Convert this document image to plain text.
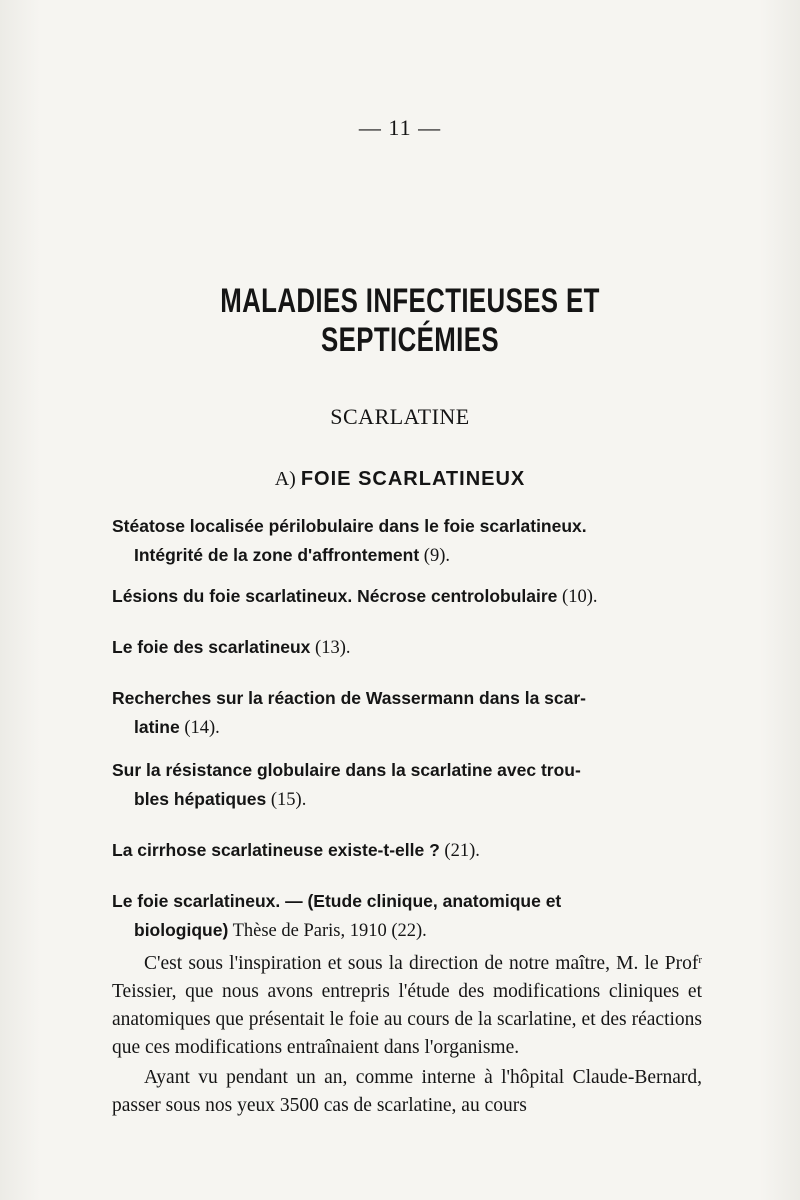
— 11 —
MALADIES INFECTIEUSES ET SEPTICÉMIES
SCARLATINE
A) FOIE SCARLATINEUX
Stéatose localisée périlobulaire dans le foie scarlatineux.
Intégrité de la zone d'affrontement (9).
Lésions du foie scarlatineux. Nécrose centrolobulaire (10).
Le foie des scarlatineux (13).
Recherches sur la réaction de Wassermann dans la scar-
latine (14).
Sur la résistance globulaire dans la scarlatine avec trou-
bles hépatiques (15).
La cirrhose scarlatineuse existe-t-elle ? (21).
Le foie scarlatineux. — (Etude clinique, anatomique et
biologique) Thèse de Paris, 1910 (22).

C'est sous l'inspiration et sous la direction de notre maître, M. le Prof$^r$ Teissier, que nous avons entrepris l'étude des modifications cliniques et anatomiques que présentait le foie au cours de la scarlatine, et des réactions que ces modifications entraînaient dans l'organisme.

Ayant vu pendant un an, comme interne à l'hôpital Claude-Bernard, passer sous nos yeux 3500 cas de scarlatine, au cours
